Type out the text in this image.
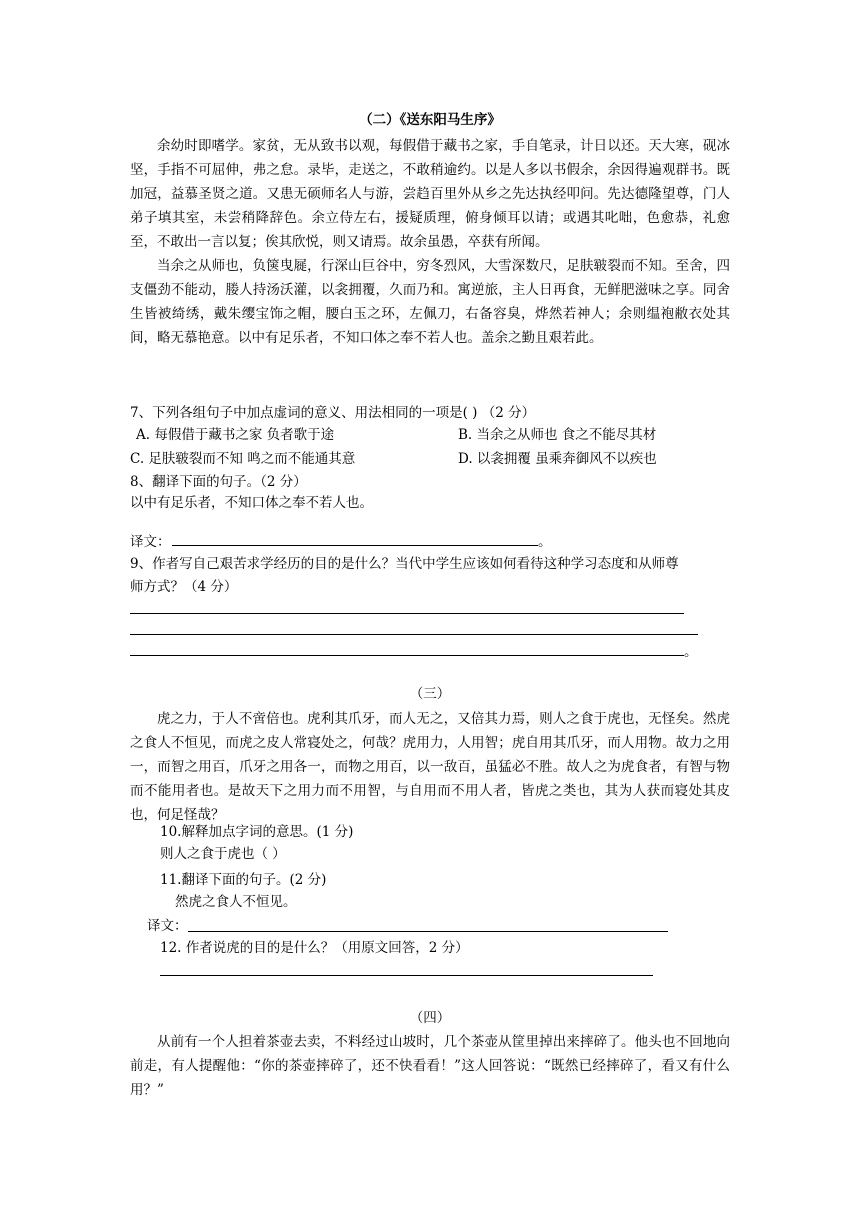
（二）《送东阳马生序》

余幼时即嗜学。家贫，无从致书以观，每假借于藏书之家，手自笔录，计日以还。天大寒，砚冰坚，手指不可屈伸，弗之怠。录毕，走送之，不敢稍逾约。以是人多以书假余，余因得遍观群书。既加冠，益慕圣贤之道。又患无硕师名人与游，尝趋百里外从乡之先达执经叩问。先达德隆望尊，门人弟子填其室，未尝稍降辞色。余立侍左右，援疑质理，俯身倾耳以请；或遇其叱咄，色愈恭，礼愈至，不敢出一言以复；俟其欣悦，则又请焉。故余虽愚，卒获有所闻。

当余之从师也，负箧曳屣，行深山巨谷中，穷冬烈风，大雪深数尺，足肤皲裂而不知。至舍，四支僵劲不能动，媵人持汤沃灌，以衾拥覆，久而乃和。寓逆旅，主人日再食，无鲜肥滋味之享。同舍生皆被绮绣，戴朱缨宝饰之帽，腰白玉之环，左佩刀，右备容臭，烨然若神人；余则缊袍敝衣处其间，略无慕艳意。以中有足乐者，不知口体之奉不若人也。盖余之勤且艰若此。

7、下列各组句子中加点虚词的意义、用法相同的一项是( ) （2 分）
A. 每假借于藏书之家 负者歌于途	B. 当余之从师也 食之不能尽其材
C. 足肤皲裂而不知 鸣之而不能通其意	D. 以衾拥覆 虽乘奔御风不以疾也
8、翻译下面的句子。（2 分）
以中有足乐者，不知口体之奉不若人也。
译文：	。
9、作者写自己艰苦求学经历的目的是什么？当代中学生应该如何看待这种学习态度和从师尊
师方式？（4 分）
。
（三）

虎之力，于人不啻倍也。虎利其爪牙，而人无之，又倍其力焉，则人之食于虎也，无怪矣。然虎之食人不恒见，而虎之皮人常寝处之，何哉？虎用力，人用智；虎自用其爪牙，而人用物。故力之用一，而智之用百，爪牙之用各一，而物之用百，以一敌百，虽猛必不胜。故人之为虎食者，有智与物而不能用者也。是故天下之用力而不用智，与自用而不用人者，皆虎之类也，其为人获而寝处其皮也，何足怪哉？

10.解释加点字词的意思。(1 分)
则人之食于虎也（ ）
11.翻译下面的句子。(2 分)
然虎之食人不恒见。
译文：
12. 作者说虎的目的是什么？（用原文回答，2 分）
（四）

从前有一个人担着茶壶去卖，不料经过山坡时，几个茶壶从筐里掉出来摔碎了。他头也不回地向前走，有人提醒他：“你的茶壶摔碎了，还不快看看！”这人回答说：“既然已经摔碎了，看又有什么用？”
